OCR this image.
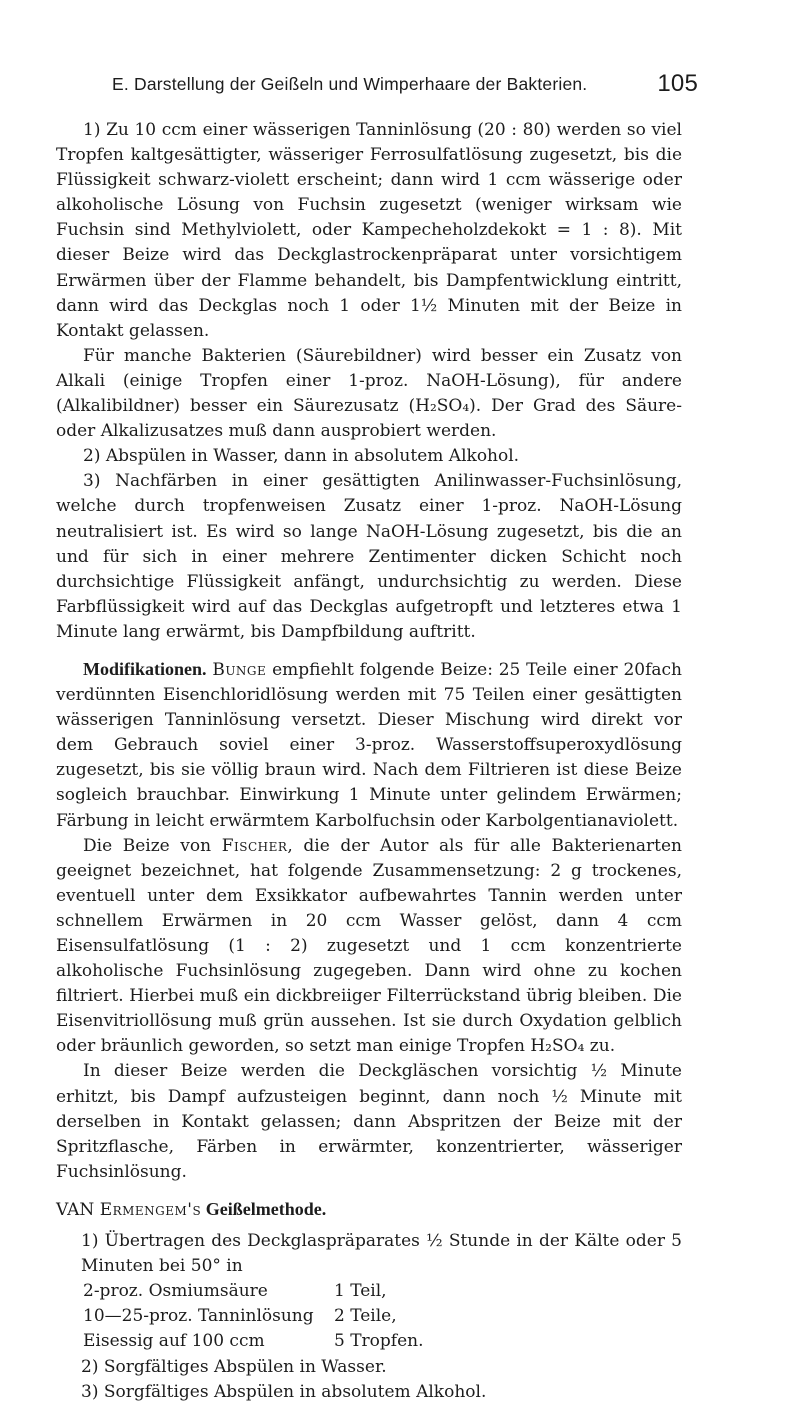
E. Darstellung der Geißeln und Wimperhaare der Bakterien.	105

1) Zu 10 ccm einer wässerigen Tanninlösung (20 : 80) werden so viel Tropfen kaltgesättigter, wässeriger Ferrosulfatlösung zugesetzt, bis die Flüssigkeit schwarz-violett erscheint; dann wird 1 ccm wässerige oder alkoholische Lösung von Fuchsin zugesetzt (weniger wirksam wie Fuchsin sind Methylviolett, oder Kampecheholzdekokt = 1 : 8). Mit dieser Beize wird das Deckglastrockenpräparat unter vorsichtigem Erwärmen über der Flamme behandelt, bis Dampfentwicklung eintritt, dann wird das Deckglas noch 1 oder 1½ Minuten mit der Beize in Kontakt gelassen.

Für manche Bakterien (Säurebildner) wird besser ein Zusatz von Alkali (einige Tropfen einer 1-proz. NaOH-Lösung), für andere (Alkalibildner) besser ein Säurezusatz (H₂SO₄). Der Grad des Säure- oder Alkalizusatzes muß dann ausprobiert werden.

2) Abspülen in Wasser, dann in absolutem Alkohol.

3) Nachfärben in einer gesättigten Anilinwasser-Fuchsinlösung, welche durch tropfenweisen Zusatz einer 1-proz. NaOH-Lösung neutralisiert ist. Es wird so lange NaOH-Lösung zugesetzt, bis die an und für sich in einer mehrere Zentimenter dicken Schicht noch durchsichtige Flüssigkeit anfängt, undurchsichtig zu werden. Diese Farbflüssigkeit wird auf das Deckglas aufgetropft und letzteres etwa 1 Minute lang erwärmt, bis Dampfbildung auftritt.

Modifikationen. Bunge empfiehlt folgende Beize: 25 Teile einer 20fach verdünnten Eisenchloridlösung werden mit 75 Teilen einer gesättigten wässerigen Tanninlösung versetzt. Dieser Mischung wird direkt vor dem Gebrauch soviel einer 3-proz. Wasserstoffsuperoxydlösung zugesetzt, bis sie völlig braun wird. Nach dem Filtrieren ist diese Beize sogleich brauchbar. Einwirkung 1 Minute unter gelindem Erwärmen; Färbung in leicht erwärmtem Karbolfuchsin oder Karbolgentianaviolett.

Die Beize von Fischer, die der Autor als für alle Bakterienarten geeignet bezeichnet, hat folgende Zusammensetzung: 2 g trockenes, eventuell unter dem Exsikkator aufbewahrtes Tannin werden unter schnellem Erwärmen in 20 ccm Wasser gelöst, dann 4 ccm Eisensulfatlösung (1 : 2) zugesetzt und 1 ccm konzentrierte alkoholische Fuchsinlösung zugegeben. Dann wird ohne zu kochen filtriert. Hierbei muß ein dickbreiiger Filterrückstand übrig bleiben. Die Eisenvitriollösung muß grün aussehen. Ist sie durch Oxydation gelblich oder bräunlich geworden, so setzt man einige Tropfen H₂SO₄ zu.

In dieser Beize werden die Deckgläschen vorsichtig ½ Minute erhitzt, bis Dampf aufzusteigen beginnt, dann noch ½ Minute mit derselben in Kontakt gelassen; dann Abspritzen der Beize mit der Spritzflasche, Färben in erwärmter, konzentrierter, wässeriger Fuchsinlösung.

VAN Ermengem's Geißelmethode.

1) Übertragen des Deckglaspräparates ½ Stunde in der Kälte oder 5 Minuten bei 50° in

2-proz. Osmiumsäure	1 Teil,
10—25-proz. Tanninlösung	2 Teile,
Eisessig auf 100 ccm	5 Tropfen.

2) Sorgfältiges Abspülen in Wasser.

3) Sorgfältiges Abspülen in absolutem Alkohol.
